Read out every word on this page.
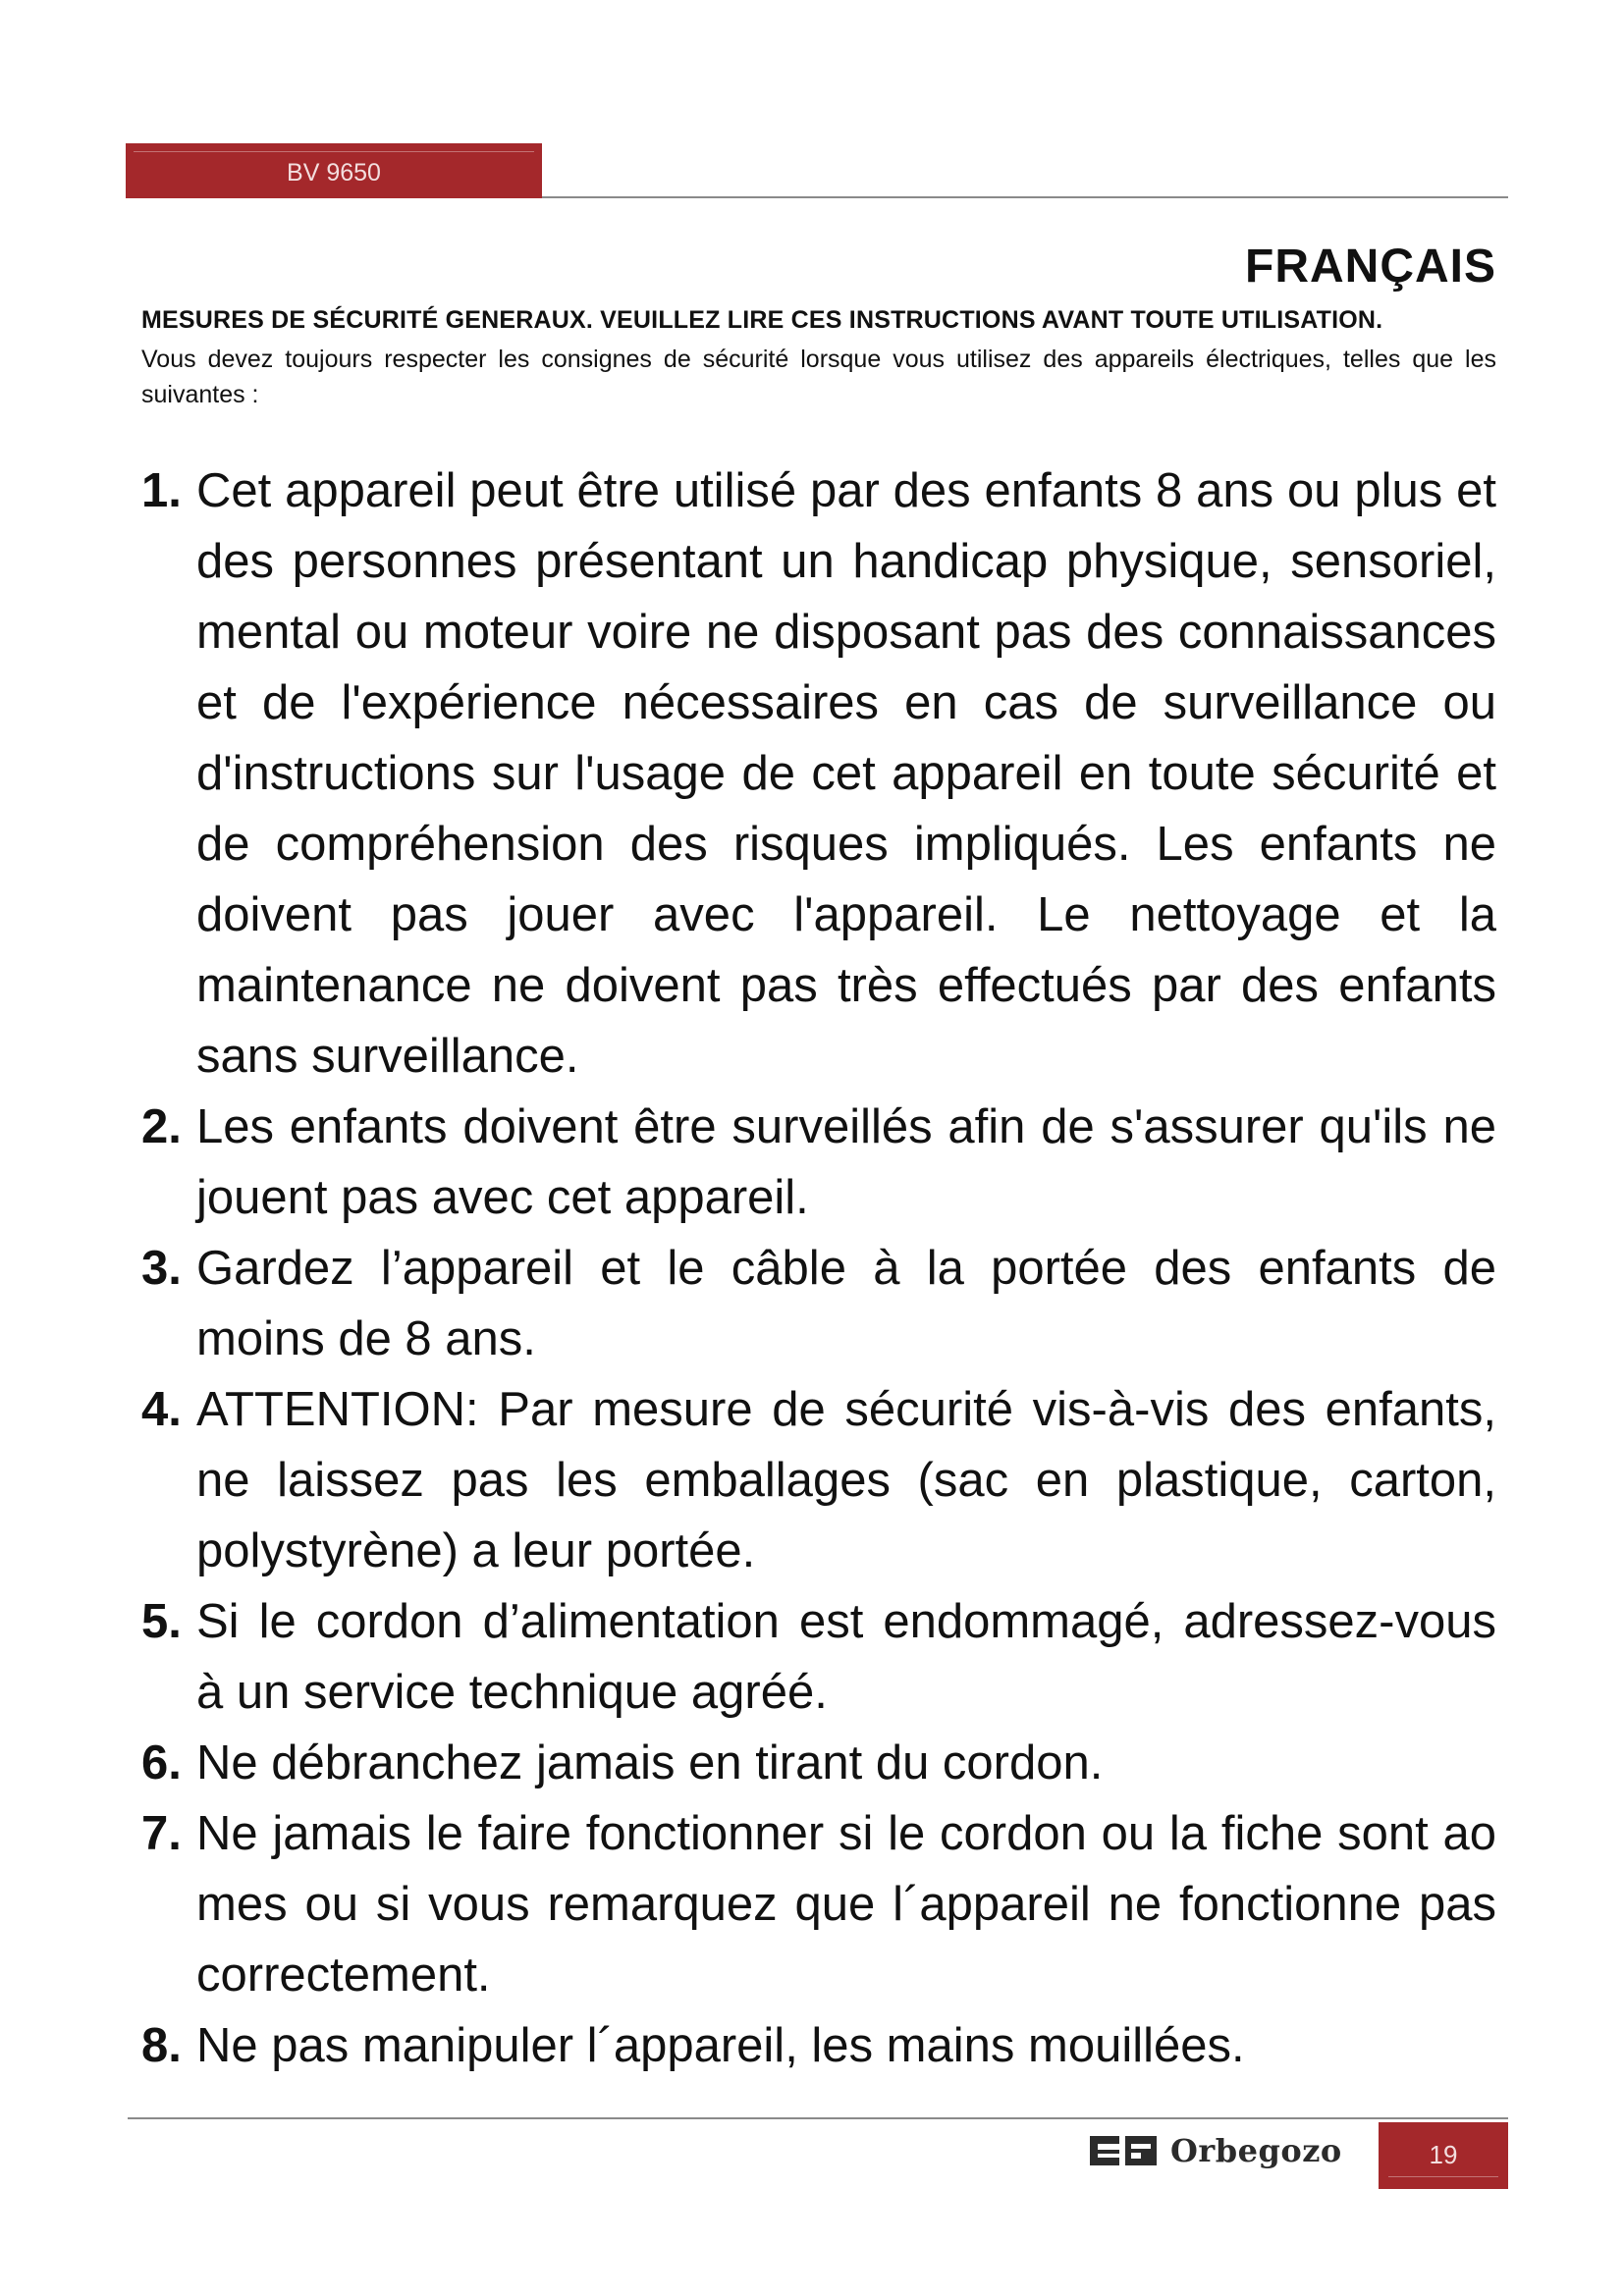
BV 9650
FRANÇAIS

MESURES DE SÉCURITÉ GENERAUX. VEUILLEZ LIRE CES INSTRUCTIONS AVANT TOUTE UTILISATION.

Vous devez toujours respecter les consignes de sécurité lorsque vous utilisez des appareils électriques, telles que les suivantes :

1. Cet appareil peut être utilisé par des enfants 8 ans ou plus et des personnes présentant un handicap physique, sensoriel, mental ou moteur voire ne disposant pas des connaissances et de l'expérience nécessaires en cas de surveillance ou d'instructions sur l'usage de cet appareil en toute sécurité et de compréhension des risques impliqués. Les enfants ne doivent pas jouer avec l'appareil. Le nettoyage et la maintenance ne doivent pas très effectués par des enfants sans surveillance.
2. Les enfants doivent être surveillés afin de s'assurer qu'ils ne jouent pas avec cet appareil.
3. Gardez l’appareil et le câble à la portée des enfants de moins de 8 ans.
4. ATTENTION: Par mesure de sécurité vis-à-vis des enfants, ne laissez pas les emballages (sac en plastique, carton, polystyrène) a leur portée.
5. Si le cordon d’alimentation est endommagé, adressez-vous à un service technique agréé.
6. Ne débranchez jamais en tirant du cordon.
7. Ne jamais le faire fonctionner si le cordon ou la fiche sont ao mes ou si vous remarquez que l´appareil ne fonctionne pas correctement.
8. Ne pas manipuler l´appareil, les mains mouillées.
Orbegozo	19
